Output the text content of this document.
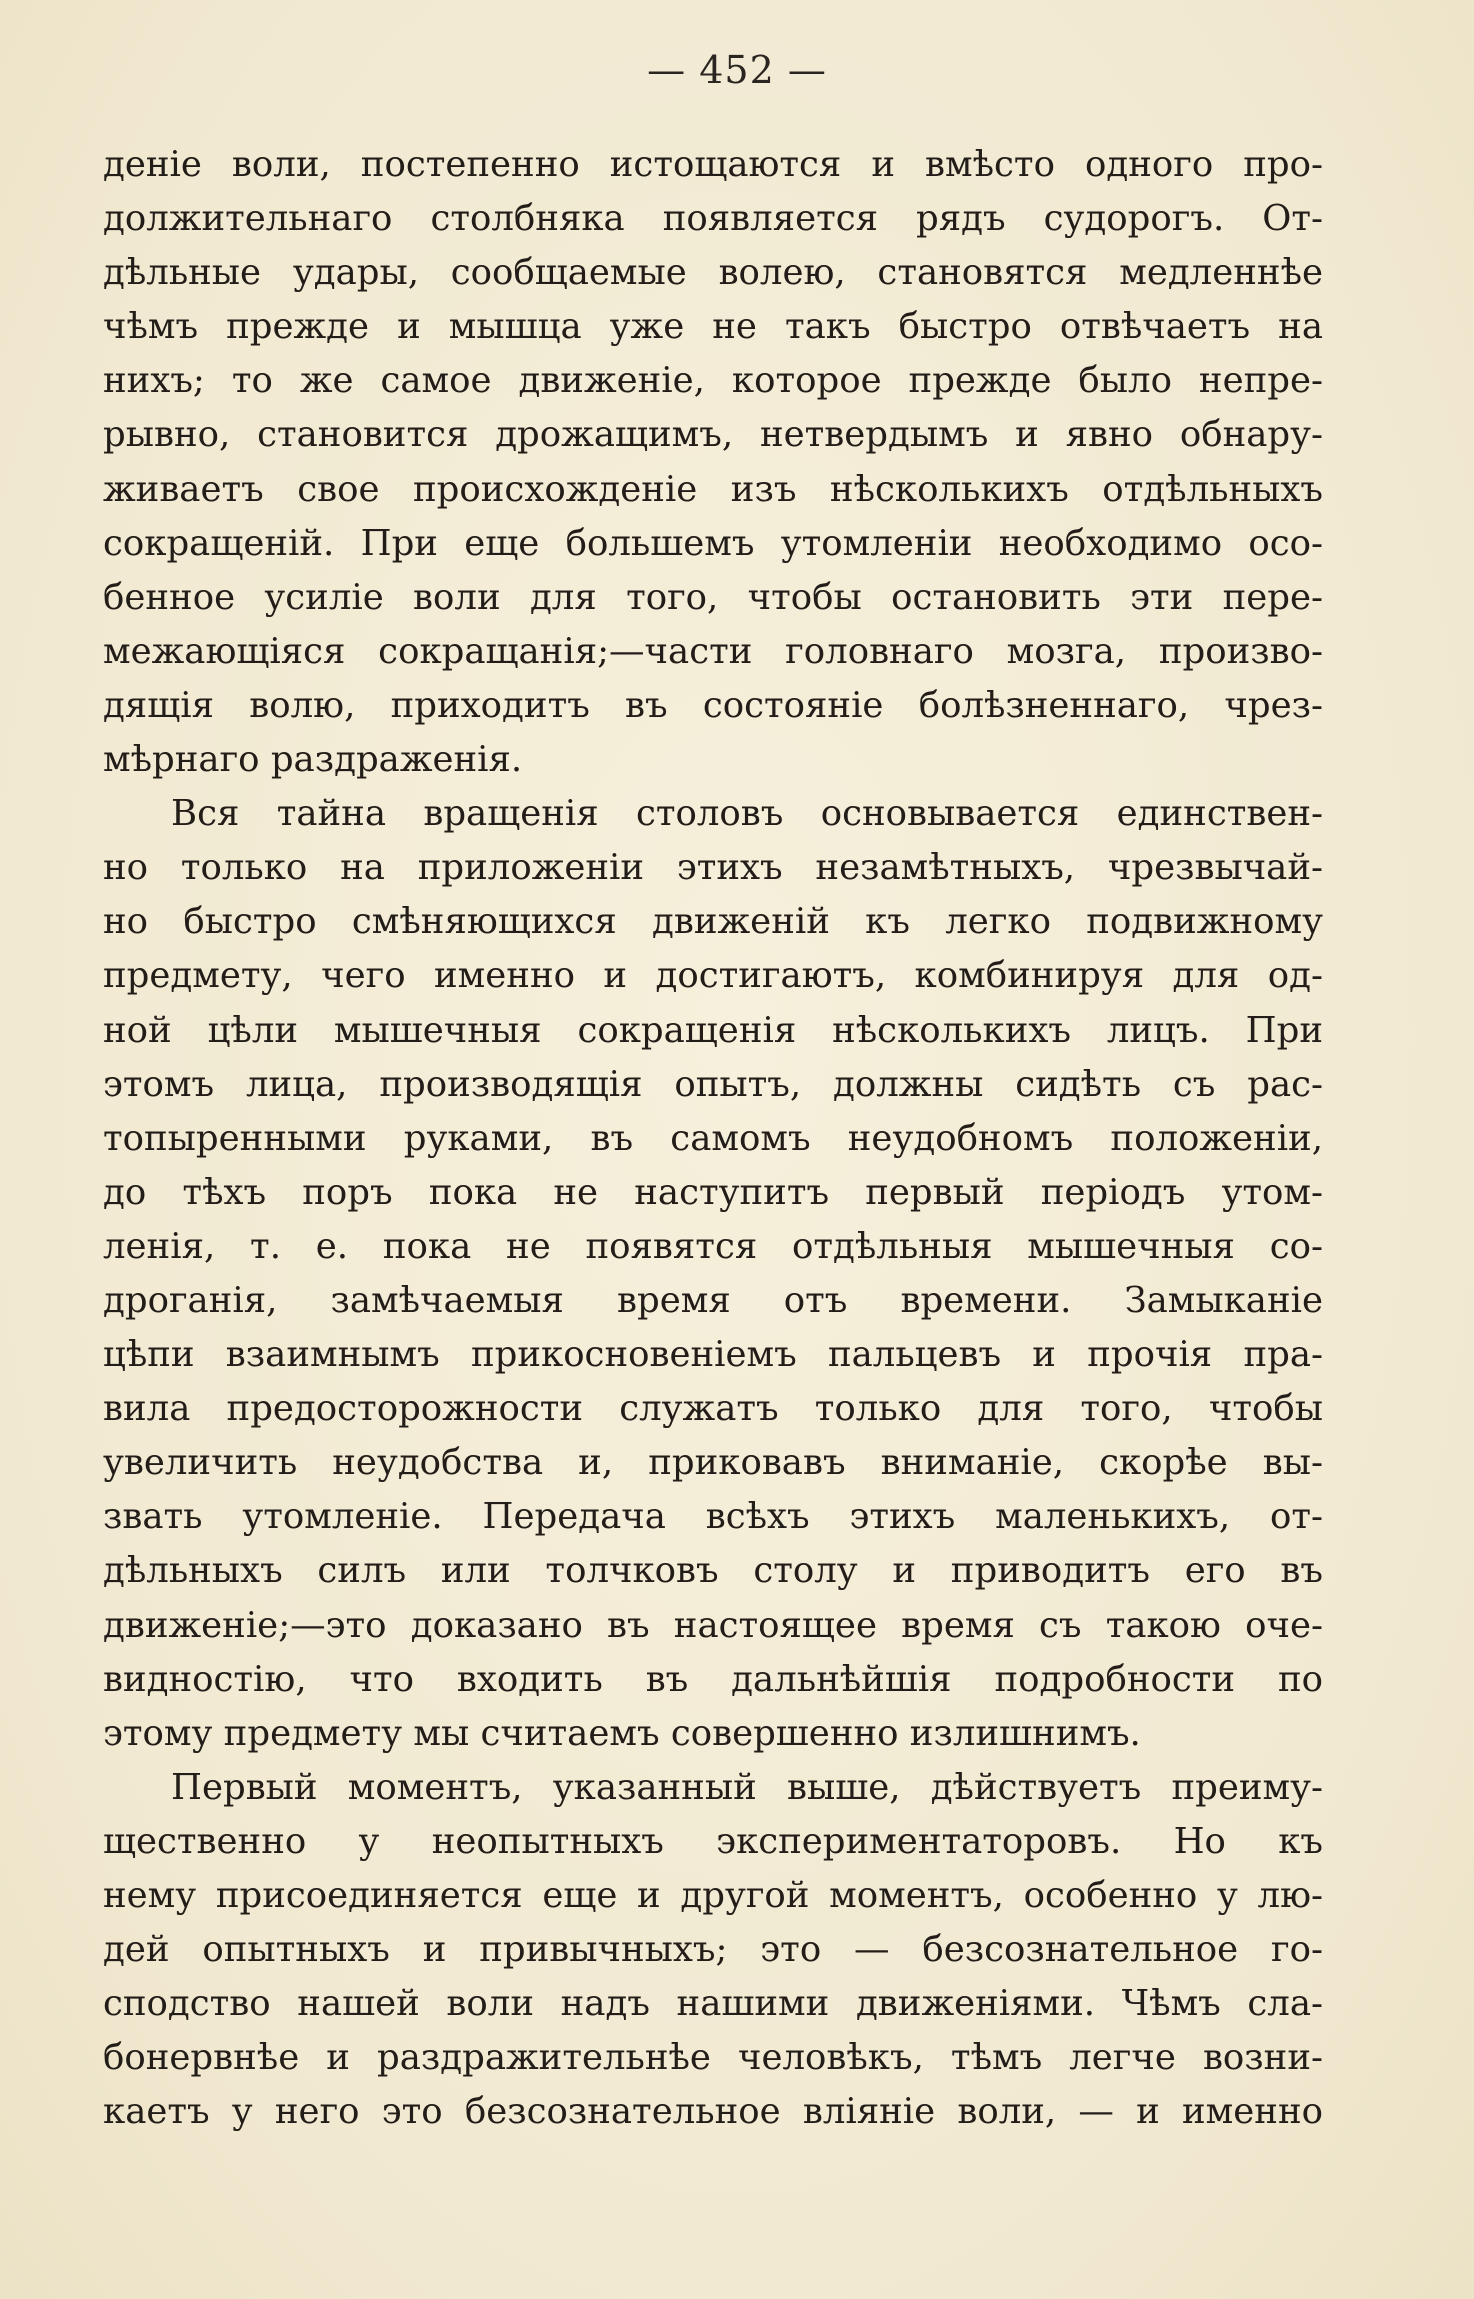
— 452 —
деніе воли, постепенно истощаются и вмѣсто одного про-
должительнаго столбняка появляется рядъ судорогъ. От-
дѣльные удары, сообщаемые волею, становятся медленнѣе
чѣмъ прежде и мышца уже не такъ быстро отвѣчаетъ на
нихъ; то же самое движеніе, которое прежде было непре-
рывно, становится дрожащимъ, нетвердымъ и явно обнару-
живаетъ свое происхожденіе изъ нѣсколькихъ отдѣльныхъ
сокращеній. При еще большемъ утомленіи необходимо осо-
бенное усиліе воли для того, чтобы остановить эти пере-
межающіяся сокращанія;—части головнаго мозга, произво-
дящія волю, приходитъ въ состояніе болѣзненнаго, чрез-
мѣрнаго раздраженія.
Вся тайна вращенія столовъ основывается единствен-
но только на приложеніи этихъ незамѣтныхъ, чрезвычай-
но быстро смѣняющихся движеній къ легко подвижному
предмету, чего именно и достигаютъ, комбинируя для од-
ной цѣли мышечныя сокращенія нѣсколькихъ лицъ. При
этомъ лица, производящія опытъ, должны сидѣть съ рас-
топыренными руками, въ самомъ неудобномъ положеніи,
до тѣхъ поръ пока не наступитъ первый періодъ утом-
ленія, т. е. пока не появятся отдѣльныя мышечныя со-
дроганія, замѣчаемыя время отъ времени. Замыканіе
цѣпи взаимнымъ прикосновеніемъ пальцевъ и прочія пра-
вила предосторожности служатъ только для того, чтобы
увеличить неудобства и, приковавъ вниманіе, скорѣе вы-
звать утомленіе. Передача всѣхъ этихъ маленькихъ, от-
дѣльныхъ силъ или толчковъ столу и приводитъ его въ
движеніе;—это доказано въ настоящее время съ такою оче-
видностію, что входить въ дальнѣйшія подробности по
этому предмету мы считаемъ совершенно излишнимъ.
Первый моментъ, указанный выше, дѣйствуетъ преиму-
щественно у неопытныхъ экспериментаторовъ. Но къ
нему присоединяется еще и другой моментъ, особенно у лю-
дей опытныхъ и привычныхъ; это — безсознательное го-
сподство нашей воли надъ нашими движеніями. Чѣмъ сла-
бонервнѣе и раздражительнѣе человѣкъ, тѣмъ легче возни-
каетъ у него это безсознательное вліяніе воли, — и именно
